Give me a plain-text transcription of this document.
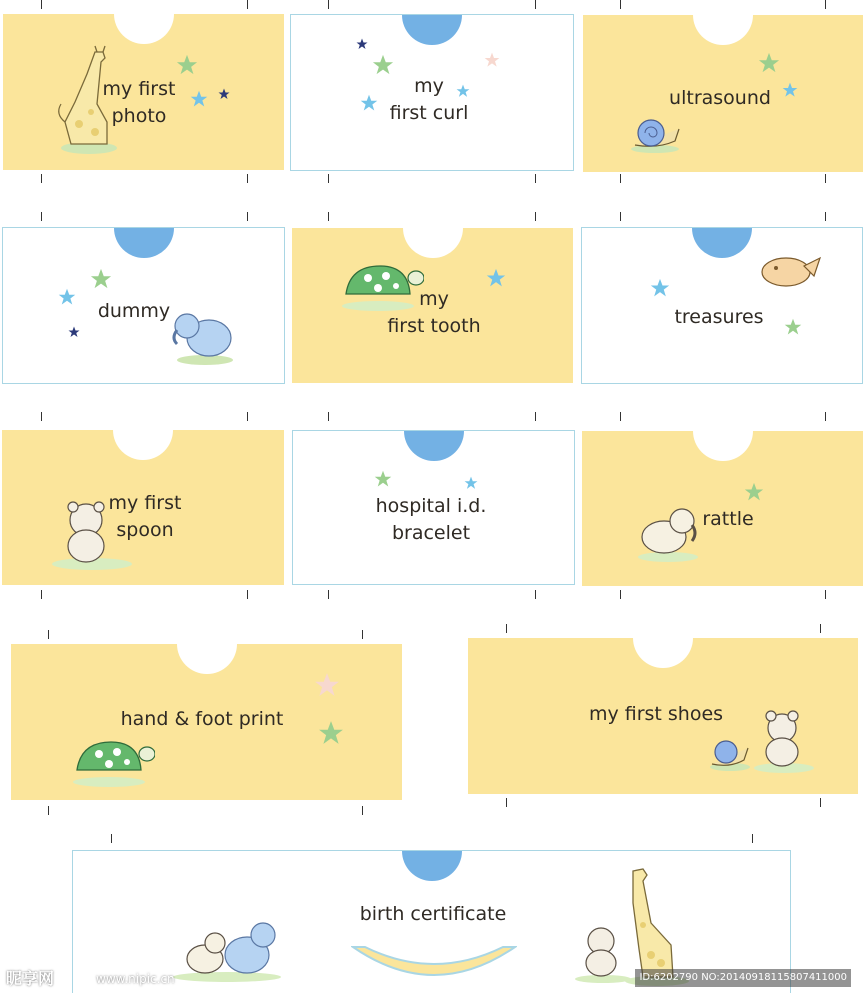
my first
photo
my
first curl
ultrasound
dummy
my
first tooth	treasures
my first
spoon
hospital i.d.
bracelet
rattle
hand & foot print	my first shoes
birth certificate
昵享网	www.nipic.cn	ID:6202790 NO:20140918115807411000
